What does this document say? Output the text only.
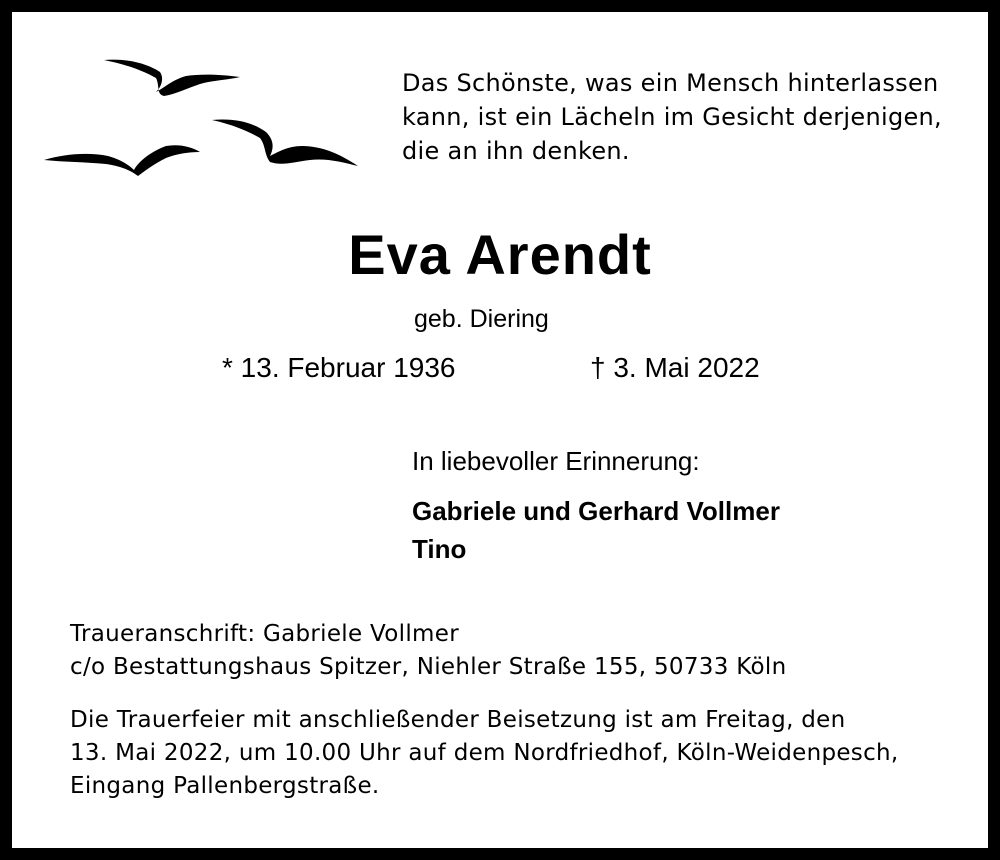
Das Schönste, was ein Mensch hinterlassen
kann, ist ein Lächeln im Gesicht derjenigen,
die an ihn denken.
Eva Arendt
geb. Diering
* 13. Februar 1936	† 3. Mai 2022
In liebevoller Erinnerung:
Gabriele und Gerhard Vollmer
Tino
Traueranschrift: Gabriele Vollmer
c/o Bestattungshaus Spitzer, Niehler Straße 155, 50733 Köln
Die Trauerfeier mit anschließender Beisetzung ist am Freitag, den
13. Mai 2022, um 10.00 Uhr auf dem Nordfriedhof, Köln-Weidenpesch,
Eingang Pallenbergstraße.
